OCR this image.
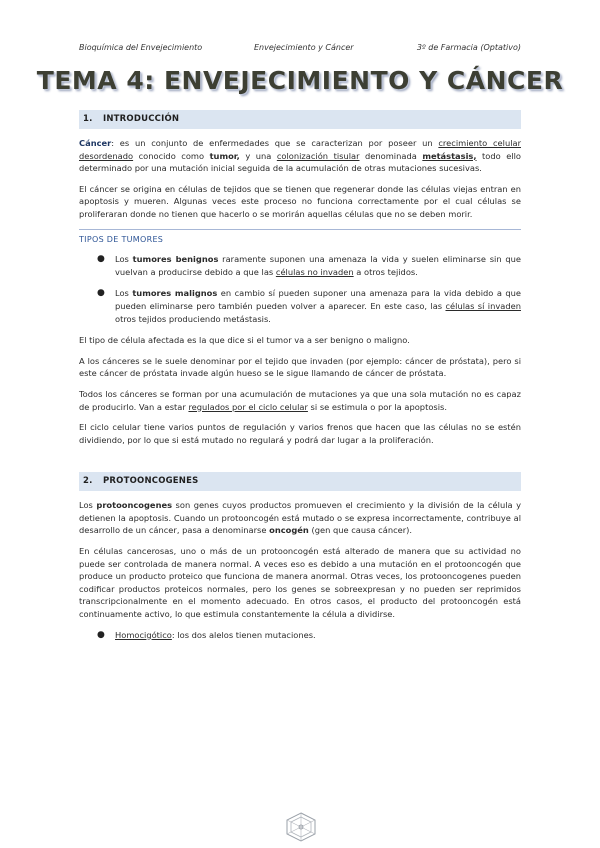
Bioquímica del Envejecimiento	Envejecimiento y Cáncer	3º de Farmacia (Optativo)
TEMA 4: ENVEJECIMIENTO Y CÁNCER
1. INTRODUCCIÓN

Cáncer: es un conjunto de enfermedades que se caracterizan por poseer un crecimiento celular desordenado conocido como tumor, y una colonización tisular denominada metástasis, todo ello determinado por una mutación inicial seguida de la acumulación de otras mutaciones sucesivas.

El cáncer se origina en células de tejidos que se tienen que regenerar donde las células viejas entran en apoptosis y mueren. Algunas veces este proceso no funciona correctamente por el cual células se proliferaran donde no tienen que hacerlo o se morirán aquellas células que no se deben morir.

TIPOS DE TUMORES
● Los tumores benignos raramente suponen una amenaza la vida y suelen eliminarse sin que vuelvan a producirse debido a que las células no invaden a otros tejidos.
● Los tumores malignos en cambio sí pueden suponer una amenaza para la vida debido a que pueden eliminarse pero también pueden volver a aparecer. En este caso, las células sí invaden otros tejidos produciendo metástasis.

El tipo de célula afectada es la que dice si el tumor va a ser benigno o maligno.

A los cánceres se le suele denominar por el tejido que invaden (por ejemplo: cáncer de próstata), pero si este cáncer de próstata invade algún hueso se le sigue llamando de cáncer de próstata.

Todos los cánceres se forman por una acumulación de mutaciones ya que una sola mutación no es capaz de producirlo. Van a estar regulados por el ciclo celular si se estimula o por la apoptosis.

El ciclo celular tiene varios puntos de regulación y varios frenos que hacen que las células no se estén dividiendo, por lo que si está mutado no regulará y podrá dar lugar a la proliferación.

2. PROTOONCOGENES

Los protooncogenes son genes cuyos productos promueven el crecimiento y la división de la célula y detienen la apoptosis. Cuando un protooncogén está mutado o se expresa incorrectamente, contribuye al desarrollo de un cáncer, pasa a denominarse oncogén (gen que causa cáncer).

En células cancerosas, uno o más de un protooncogén está alterado de manera que su actividad no puede ser controlada de manera normal. A veces eso es debido a una mutación en el protooncogén que produce un producto proteico que funciona de manera anormal. Otras veces, los protooncogenes pueden codificar productos proteicos normales, pero los genes se sobreexpresan y no pueden ser reprimidos transcripcionalmente en el momento adecuado. En otros casos, el producto del protooncogén está continuamente activo, lo que estimula constantemente la célula a dividirse.

● Homocigótico: los dos alelos tienen mutaciones.
